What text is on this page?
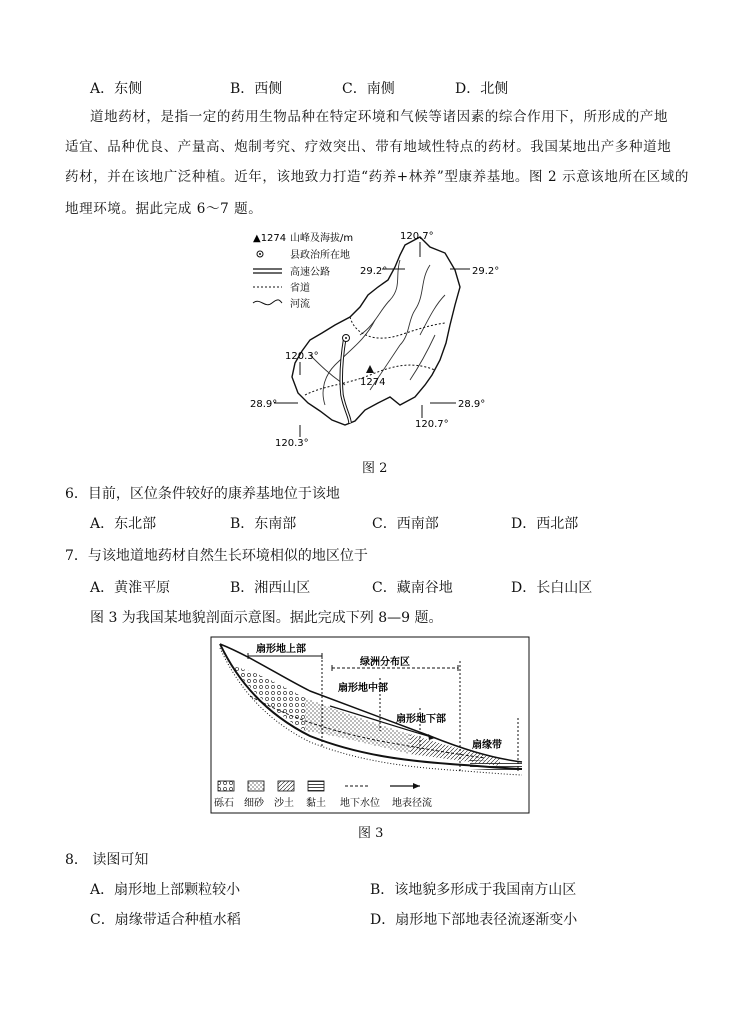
A．东侧	B．西侧	C．南侧	D．北侧
道地药材，是指一定的药用生物品种在特定环境和气候等诸因素的综合作用下，所形成的产地
适宜、品种优良、产量高、炮制考究、疗效突出、带有地域性特点的药材。我国某地出产多种道地
药材，并在该地广泛种植。近年，该地致力打造“药养+林养”型康养基地。图 2 示意该地所在区域的
地理环境。据此完成 6～7 题。
▲1274 山峰及海拔/m
县政治所在地
高速公路
省道
河流
1274
120.7°
29.2°	29.2°
120.3°
28.9°	28.9°
120.7°
120.3°
图 2
6．目前，区位条件较好的康养基地位于该地
A．东北部	B．东南部	C．西南部	D．西北部
7．与该地道地药材自然生长环境相似的地区位于
A．黄淮平原	B．湘西山区	C．藏南谷地	D．长白山区
图 3 为我国某地貌剖面示意图。据此完成下列 8—9 题。
扇形地上部
绿洲分布区
扇形地中部
扇形地下部
扇缘带
砾石 细砂 沙土 黏土 地下水位 地表径流
图 3
8． 读图可知
A．扇形地上部颗粒较小	B．该地貌多形成于我国南方山区
C．扇缘带适合种植水稻	D．扇形地下部地表径流逐渐变小
